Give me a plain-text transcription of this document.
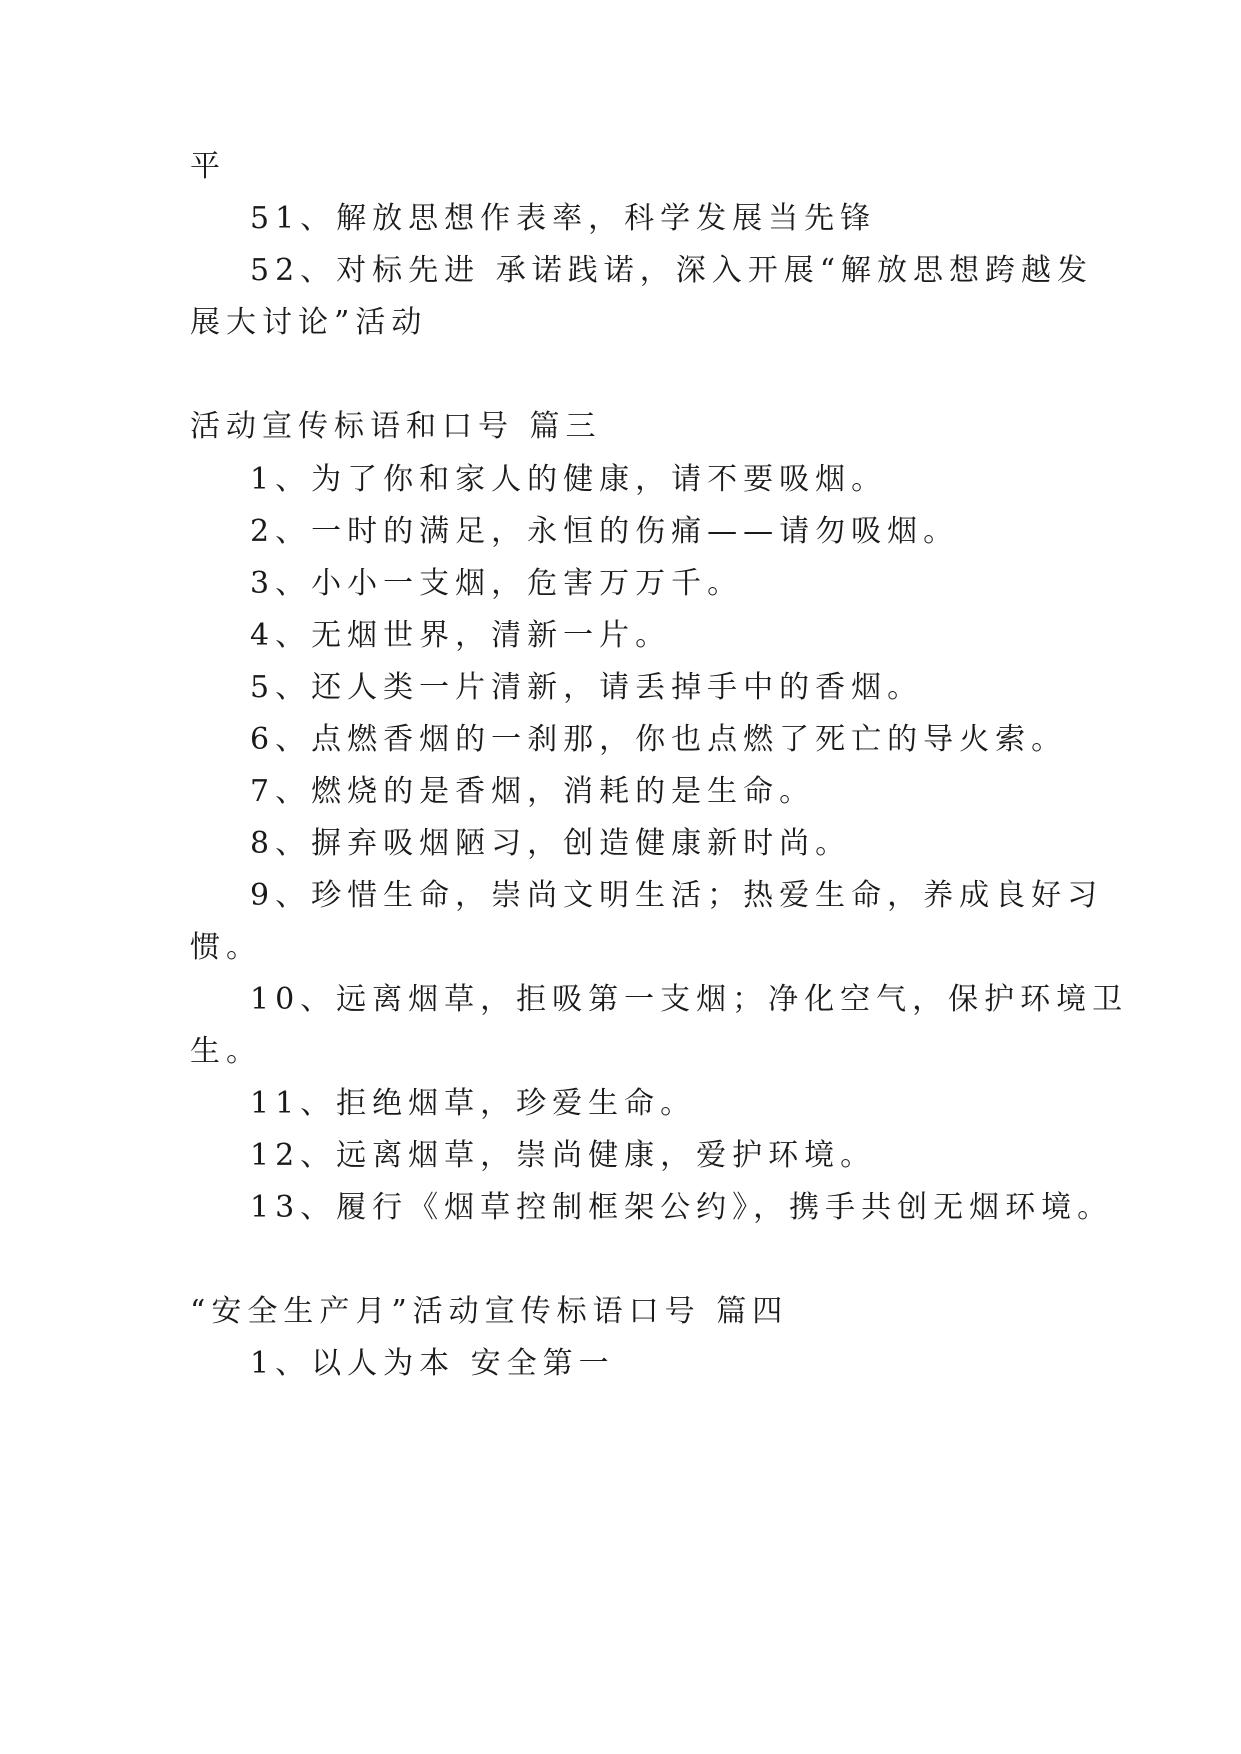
平
51、解放思想作表率，科学发展当先锋
52、对标先进 承诺践诺，深入开展“解放思想跨越发
展大讨论”活动
活动宣传标语和口号 篇三
1、为了你和家人的健康，请不要吸烟。
2、一时的满足，永恒的伤痛——请勿吸烟。
3、小小一支烟，危害万万千。
4、无烟世界，清新一片。
5、还人类一片清新，请丢掉手中的香烟。
6、点燃香烟的一刹那，你也点燃了死亡的导火索。
7、燃烧的是香烟，消耗的是生命。
8、摒弃吸烟陋习，创造健康新时尚。
9、珍惜生命，崇尚文明生活；热爱生命，养成良好习
惯。
10、远离烟草，拒吸第一支烟；净化空气，保护环境卫
生。
11、拒绝烟草，珍爱生命。
12、远离烟草，崇尚健康，爱护环境。
13、履行《烟草控制框架公约》，携手共创无烟环境。
“安全生产月”活动宣传标语口号 篇四
1、以人为本 安全第一
